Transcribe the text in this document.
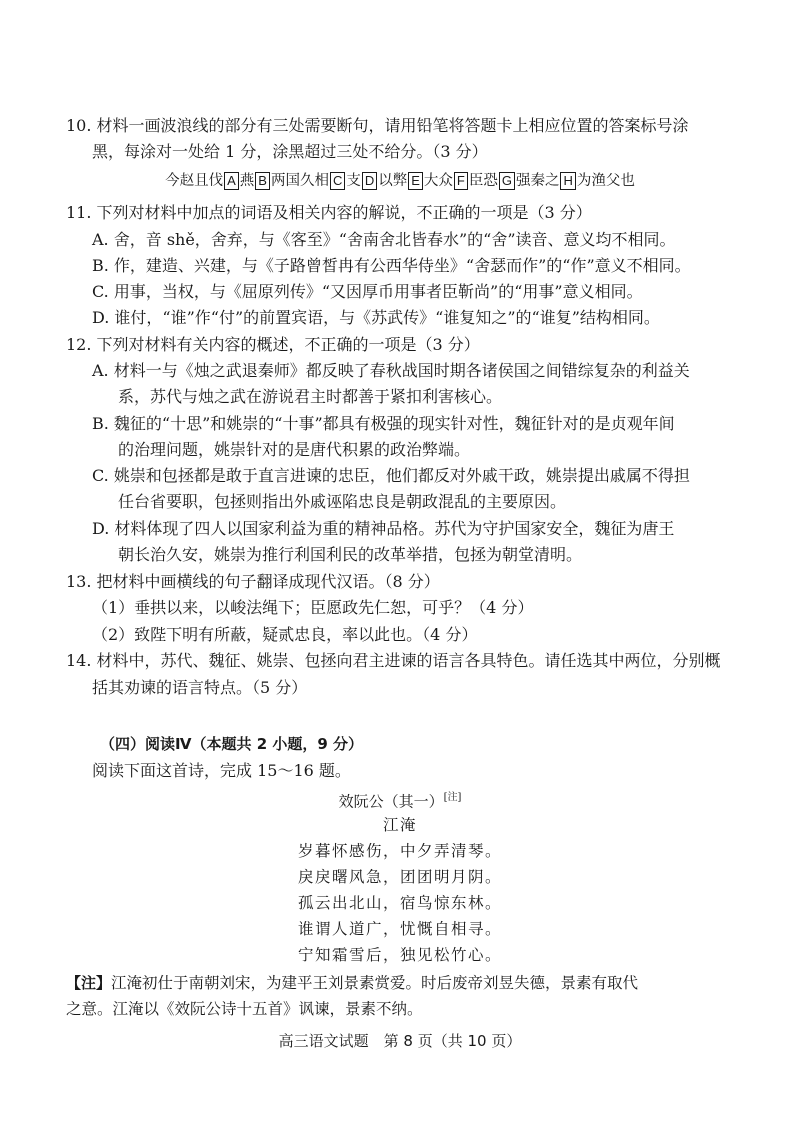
10. 材料一画波浪线的部分有三处需要断句，请用铅笔将答题卡上相应位置的答案标号涂

黑，每涂对一处给 1 分，涂黑超过三处不给分。（3 分）

今赵且伐 A 燕 B 两国久相 C 支 D 以弊 E 大众 F 臣恐 G 强秦之 H 为渔父也

11. 下列对材料中加点的词语及相关内容的解说，不正确的一项是（3 分）

A. 舍，音 shě，舍弃，与《客至》“舍南舍北皆春水”的“舍”读音、意义均不相同。

B. 作，建造、兴建，与《子路曾皙冉有公西华侍坐》“舍瑟而作”的“作”意义不相同。

C. 用事，当权，与《屈原列传》“又因厚币用事者臣靳尚”的“用事”意义相同。

D. 谁付，“谁”作“付”的前置宾语，与《苏武传》“谁复知之”的“谁复”结构相同。

12. 下列对材料有关内容的概述，不正确的一项是（3 分）

A. 材料一与《烛之武退秦师》都反映了春秋战国时期各诸侯国之间错综复杂的利益关

系，苏代与烛之武在游说君主时都善于紧扣利害核心。

B. 魏征的“十思”和姚崇的“十事”都具有极强的现实针对性，魏征针对的是贞观年间

的治理问题，姚崇针对的是唐代积累的政治弊端。

C. 姚崇和包拯都是敢于直言进谏的忠臣，他们都反对外戚干政，姚崇提出戚属不得担

任台省要职，包拯则指出外戚诬陷忠良是朝政混乱的主要原因。

D. 材料体现了四人以国家利益为重的精神品格。苏代为守护国家安全，魏征为唐王

朝长治久安，姚崇为推行利国利民的改革举措，包拯为朝堂清明。

13. 把材料中画横线的句子翻译成现代汉语。（8 分）

（1）垂拱以来，以峻法绳下；臣愿政先仁恕，可乎？（4 分）

（2）致陛下明有所蔽，疑贰忠良，率以此也。（4 分）

14. 材料中，苏代、魏征、姚崇、包拯向君主进谏的语言各具特色。请任选其中两位，分别概

括其劝谏的语言特点。（5 分）

（四）阅读Ⅳ（本题共 2 小题，9 分）

阅读下面这首诗，完成 15～16 题。

效阮公（其一）[注]
江淹
岁暮怀感伤，中夕弄清琴。
戾戾曙风急，团团明月阴。
孤云出北山，宿鸟惊东林。
谁谓人道广，忧慨自相寻。
宁知霜雪后，独见松竹心。
【注】江淹初仕于南朝刘宋，为建平王刘景素赏爱。时后废帝刘昱失德，景素有取代
之意。江淹以《效阮公诗十五首》讽谏，景素不纳。
高三语文试题　第 8 页（共 10 页）
